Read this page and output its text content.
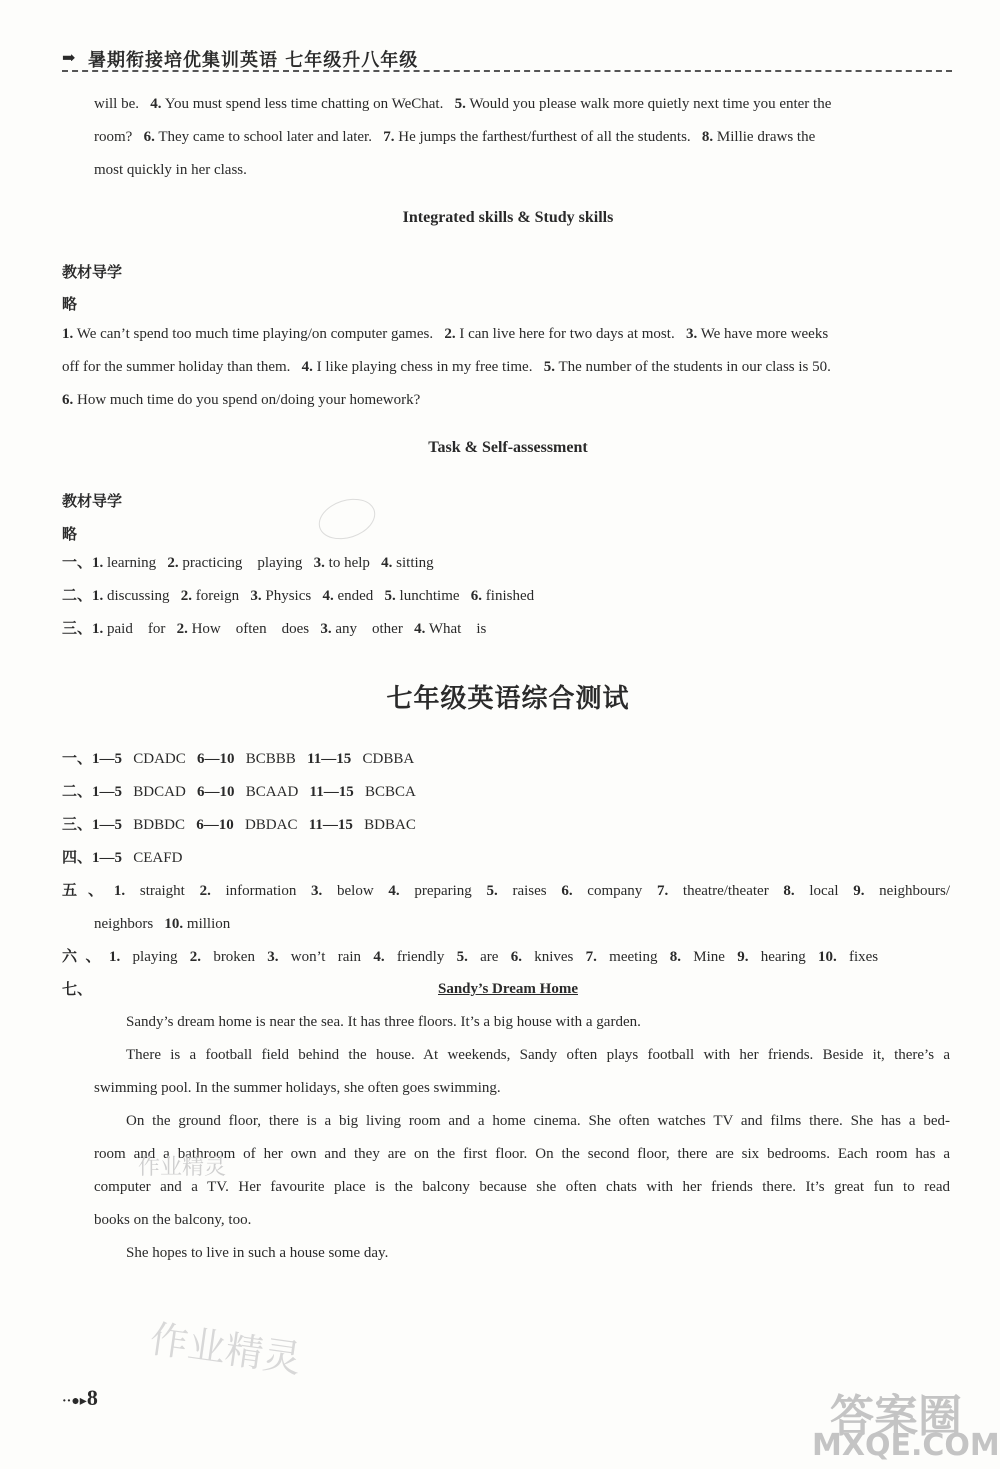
➡ 暑期衔接培优集训英语 七年级升八年级
will be. 4. You must spend less time chatting on WeChat. 5. Would you please walk more quietly next time you enter the
room? 6. They came to school later and later. 7. He jumps the farthest/furthest of all the students. 8. Millie draws the
most quickly in her class.
Integrated skills & Study skills
教材导学
略
1. We can’t spend too much time playing/on computer games. 2. I can live here for two days at most. 3. We have more weeks
off for the summer holiday than them. 4. I like playing chess in my free time. 5. The number of the students in our class is 50.
6. How much time do you spend on/doing your homework?
Task & Self-assessment
教材导学
略
一、1. learning 2. practicing playing 3. to help 4. sitting
二、1. discussing 2. foreign 3. Physics 4. ended 5. lunchtime 6. finished
三、1. paid for 2. How often does 3. any other 4. What is
七年级英语综合测试
一、1—5 CDADC 6—10 BCBBB 11—15 CDBBA
二、1—5 BDCAD 6—10 BCAAD 11—15 BCBCA
三、1—5 BDBDC 6—10 DBDAC 11—15 BDBAC
四、1—5 CEAFD
五、1. straight 2. information 3. below 4. preparing 5. raises 6. company 7. theatre/theater 8. local 9. neighbours/
neighbors 10. million
六、1. playing 2. broken 3. won’t rain 4. friendly 5. are 6. knives 7. meeting 8. Mine 9. hearing 10. fixes
七、	Sandy’s Dream Home
Sandy’s dream home is near the sea. It has three floors. It’s a big house with a garden.
There is a football field behind the house. At weekends, Sandy often plays football with her friends. Beside it, there’s a
swimming pool. In the summer holidays, she often goes swimming.
On the ground floor, there is a big living room and a home cinema. She often watches TV and films there. She has a bed-
room and a bathroom of her own and they are on the first floor. On the second floor, there are six bedrooms. Each room has a
computer and a TV. Her favourite place is the balcony because she often chats with her friends there. It’s great fun to read
books on the balcony, too.
She hopes to live in such a house some day.
作业精灵
作业精灵
答案圈
MXQE.COM
··●▸8
